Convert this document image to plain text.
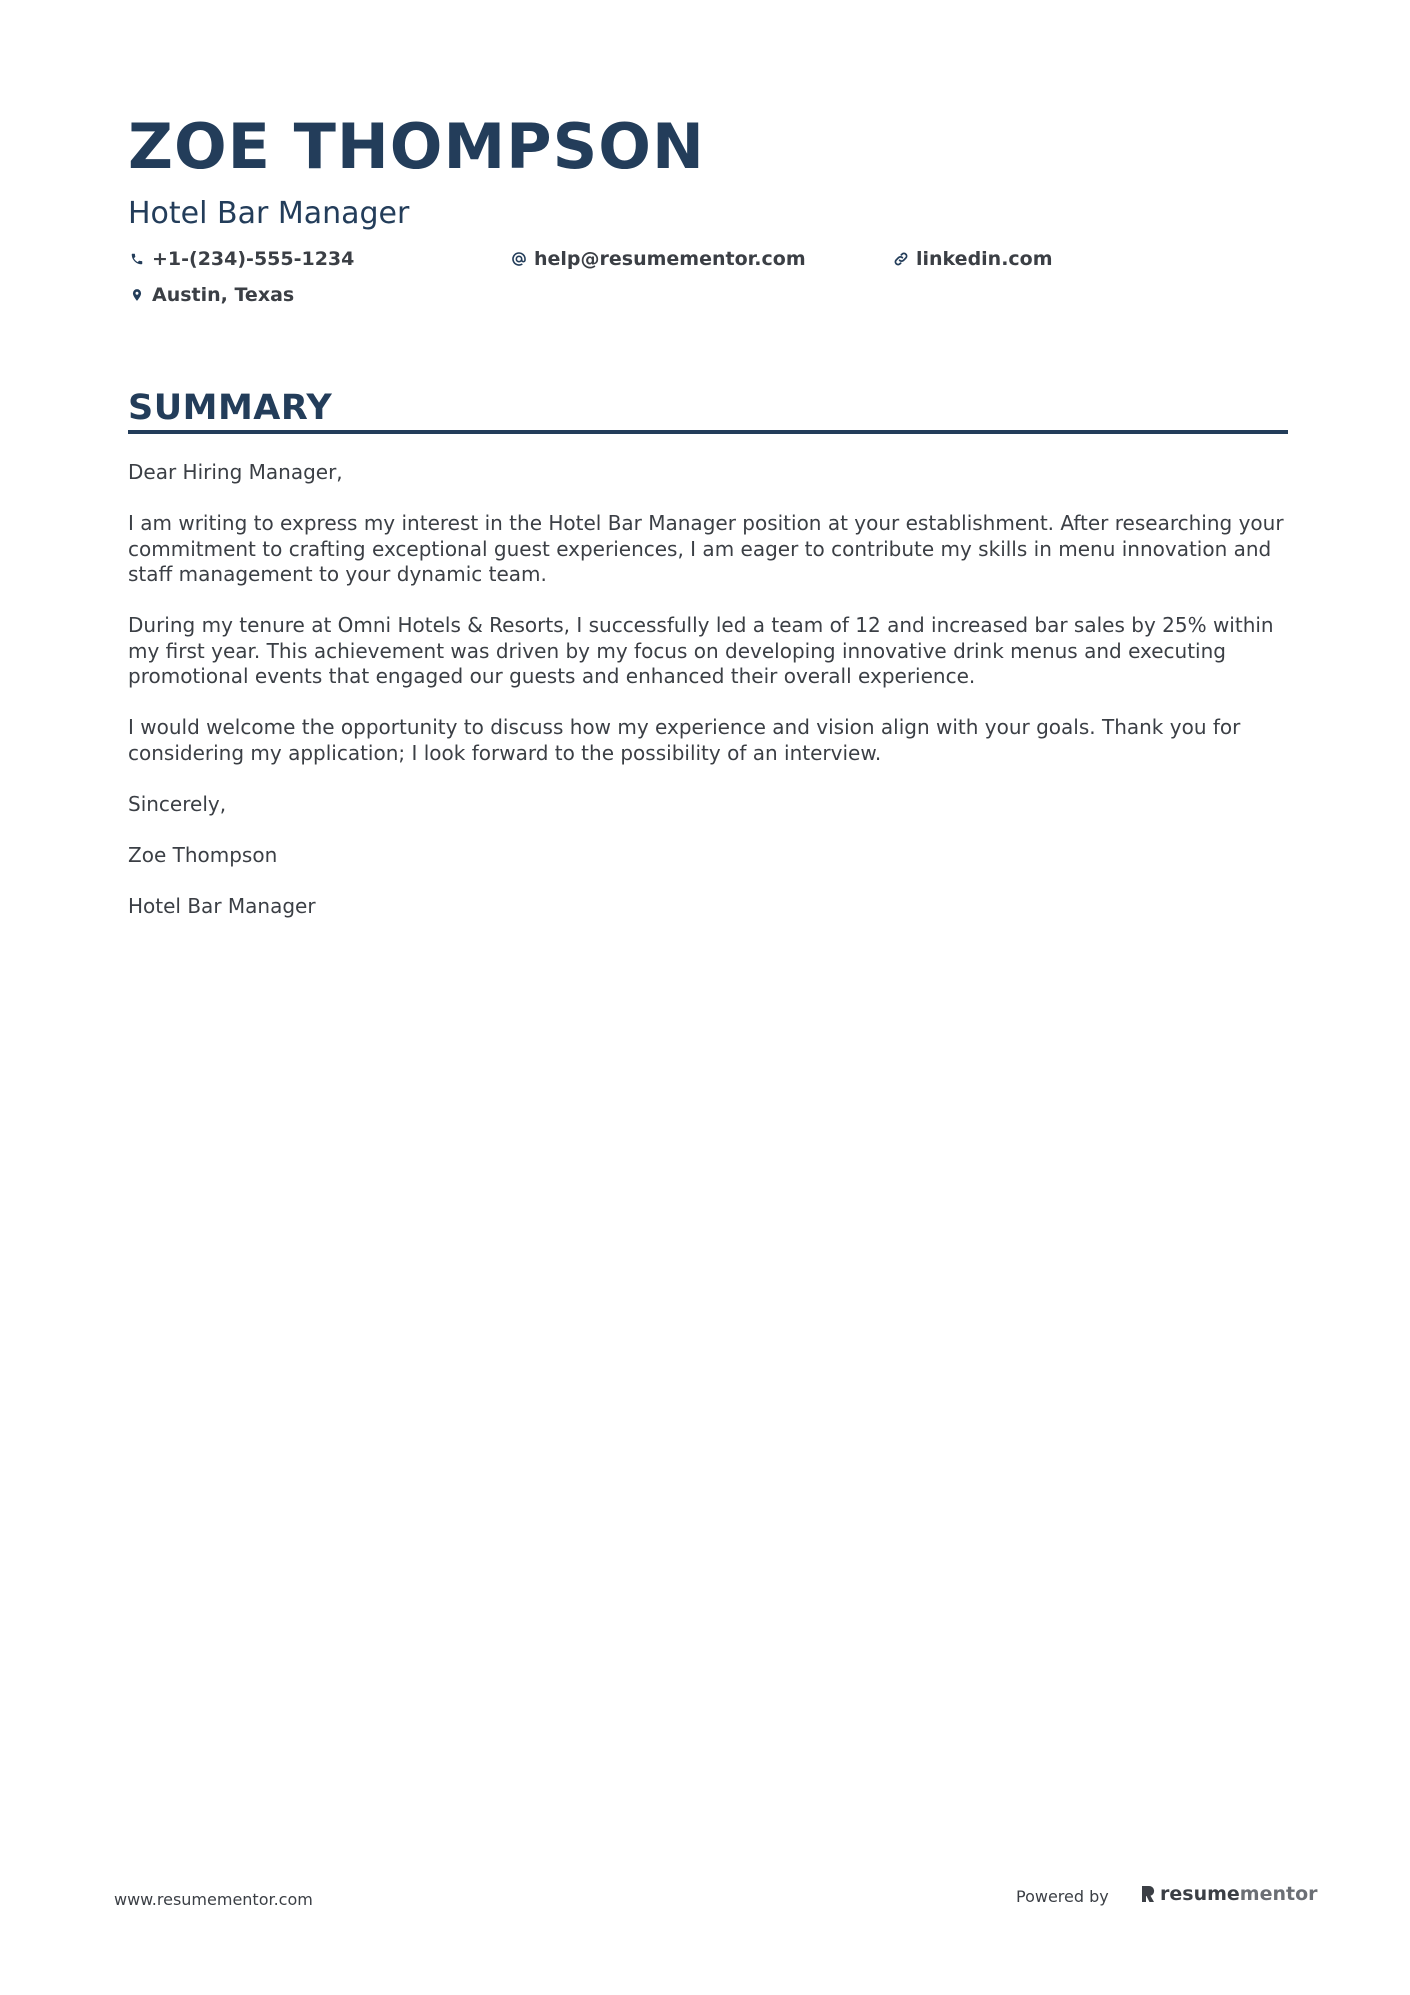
ZOE THOMPSON
Hotel Bar Manager
+1-(234)-555-1234	help@resumementor.com	linkedin.com
Austin, Texas
SUMMARY

Dear Hiring Manager,

I am writing to express my interest in the Hotel Bar Manager position at your establishment. After researching your commitment to crafting exceptional guest experiences, I am eager to contribute my skills in menu innovation and staff management to your dynamic team.

During my tenure at Omni Hotels & Resorts, I successfully led a team of 12 and increased bar sales by 25% within my first year. This achievement was driven by my focus on developing innovative drink menus and executing promotional events that engaged our guests and enhanced their overall experience.

I would welcome the opportunity to discuss how my experience and vision align with your goals. Thank you for considering my application; I look forward to the possibility of an interview.

Sincerely,

Zoe Thompson

Hotel Bar Manager

www.resumementor.com	Powered by	resume mentor
